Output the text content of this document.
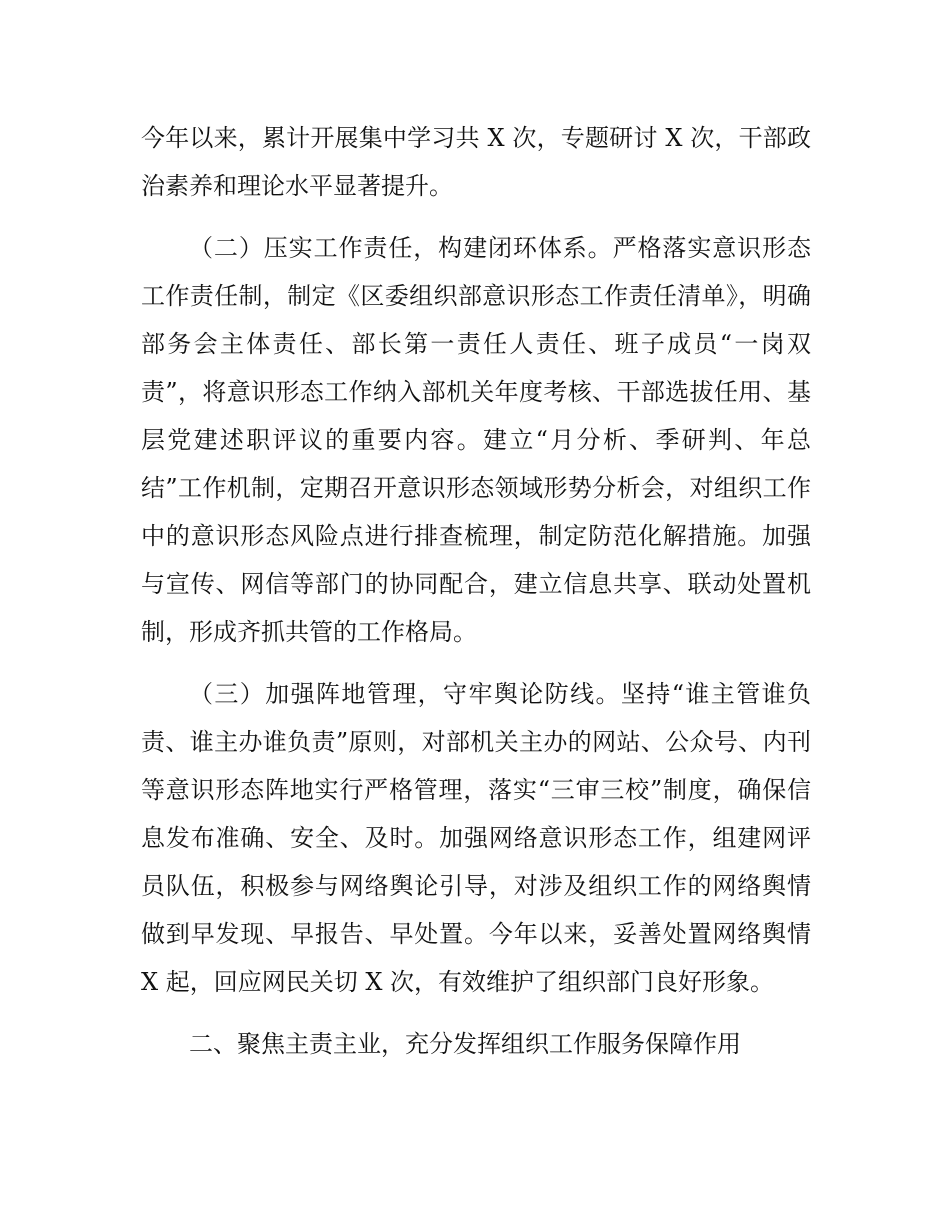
今年以来，累计开展集中学习共 X 次，专题研讨 X 次，干部政治素养和理论水平显著提升。

（二）压实工作责任，构建闭环体系。严格落实意识形态工作责任制，制定《区委组织部意识形态工作责任清单》，明确部务会主体责任、部长第一责任人责任、班子成员“一岗双责”，将意识形态工作纳入部机关年度考核、干部选拔任用、基层党建述职评议的重要内容。建立“月分析、季研判、年总结”工作机制，定期召开意识形态领域形势分析会，对组织工作中的意识形态风险点进行排查梳理，制定防范化解措施。加强与宣传、网信等部门的协同配合，建立信息共享、联动处置机制，形成齐抓共管的工作格局。

（三）加强阵地管理，守牢舆论防线。坚持“谁主管谁负责、谁主办谁负责”原则，对部机关主办的网站、公众号、内刊等意识形态阵地实行严格管理，落实“三审三校”制度，确保信息发布准确、安全、及时。加强网络意识形态工作，组建网评员队伍，积极参与网络舆论引导，对涉及组织工作的网络舆情做到早发现、早报告、早处置。今年以来，妥善处置网络舆情 X 起，回应网民关切 X 次，有效维护了组织部门良好形象。

二、聚焦主责主业，充分发挥组织工作服务保障作用
